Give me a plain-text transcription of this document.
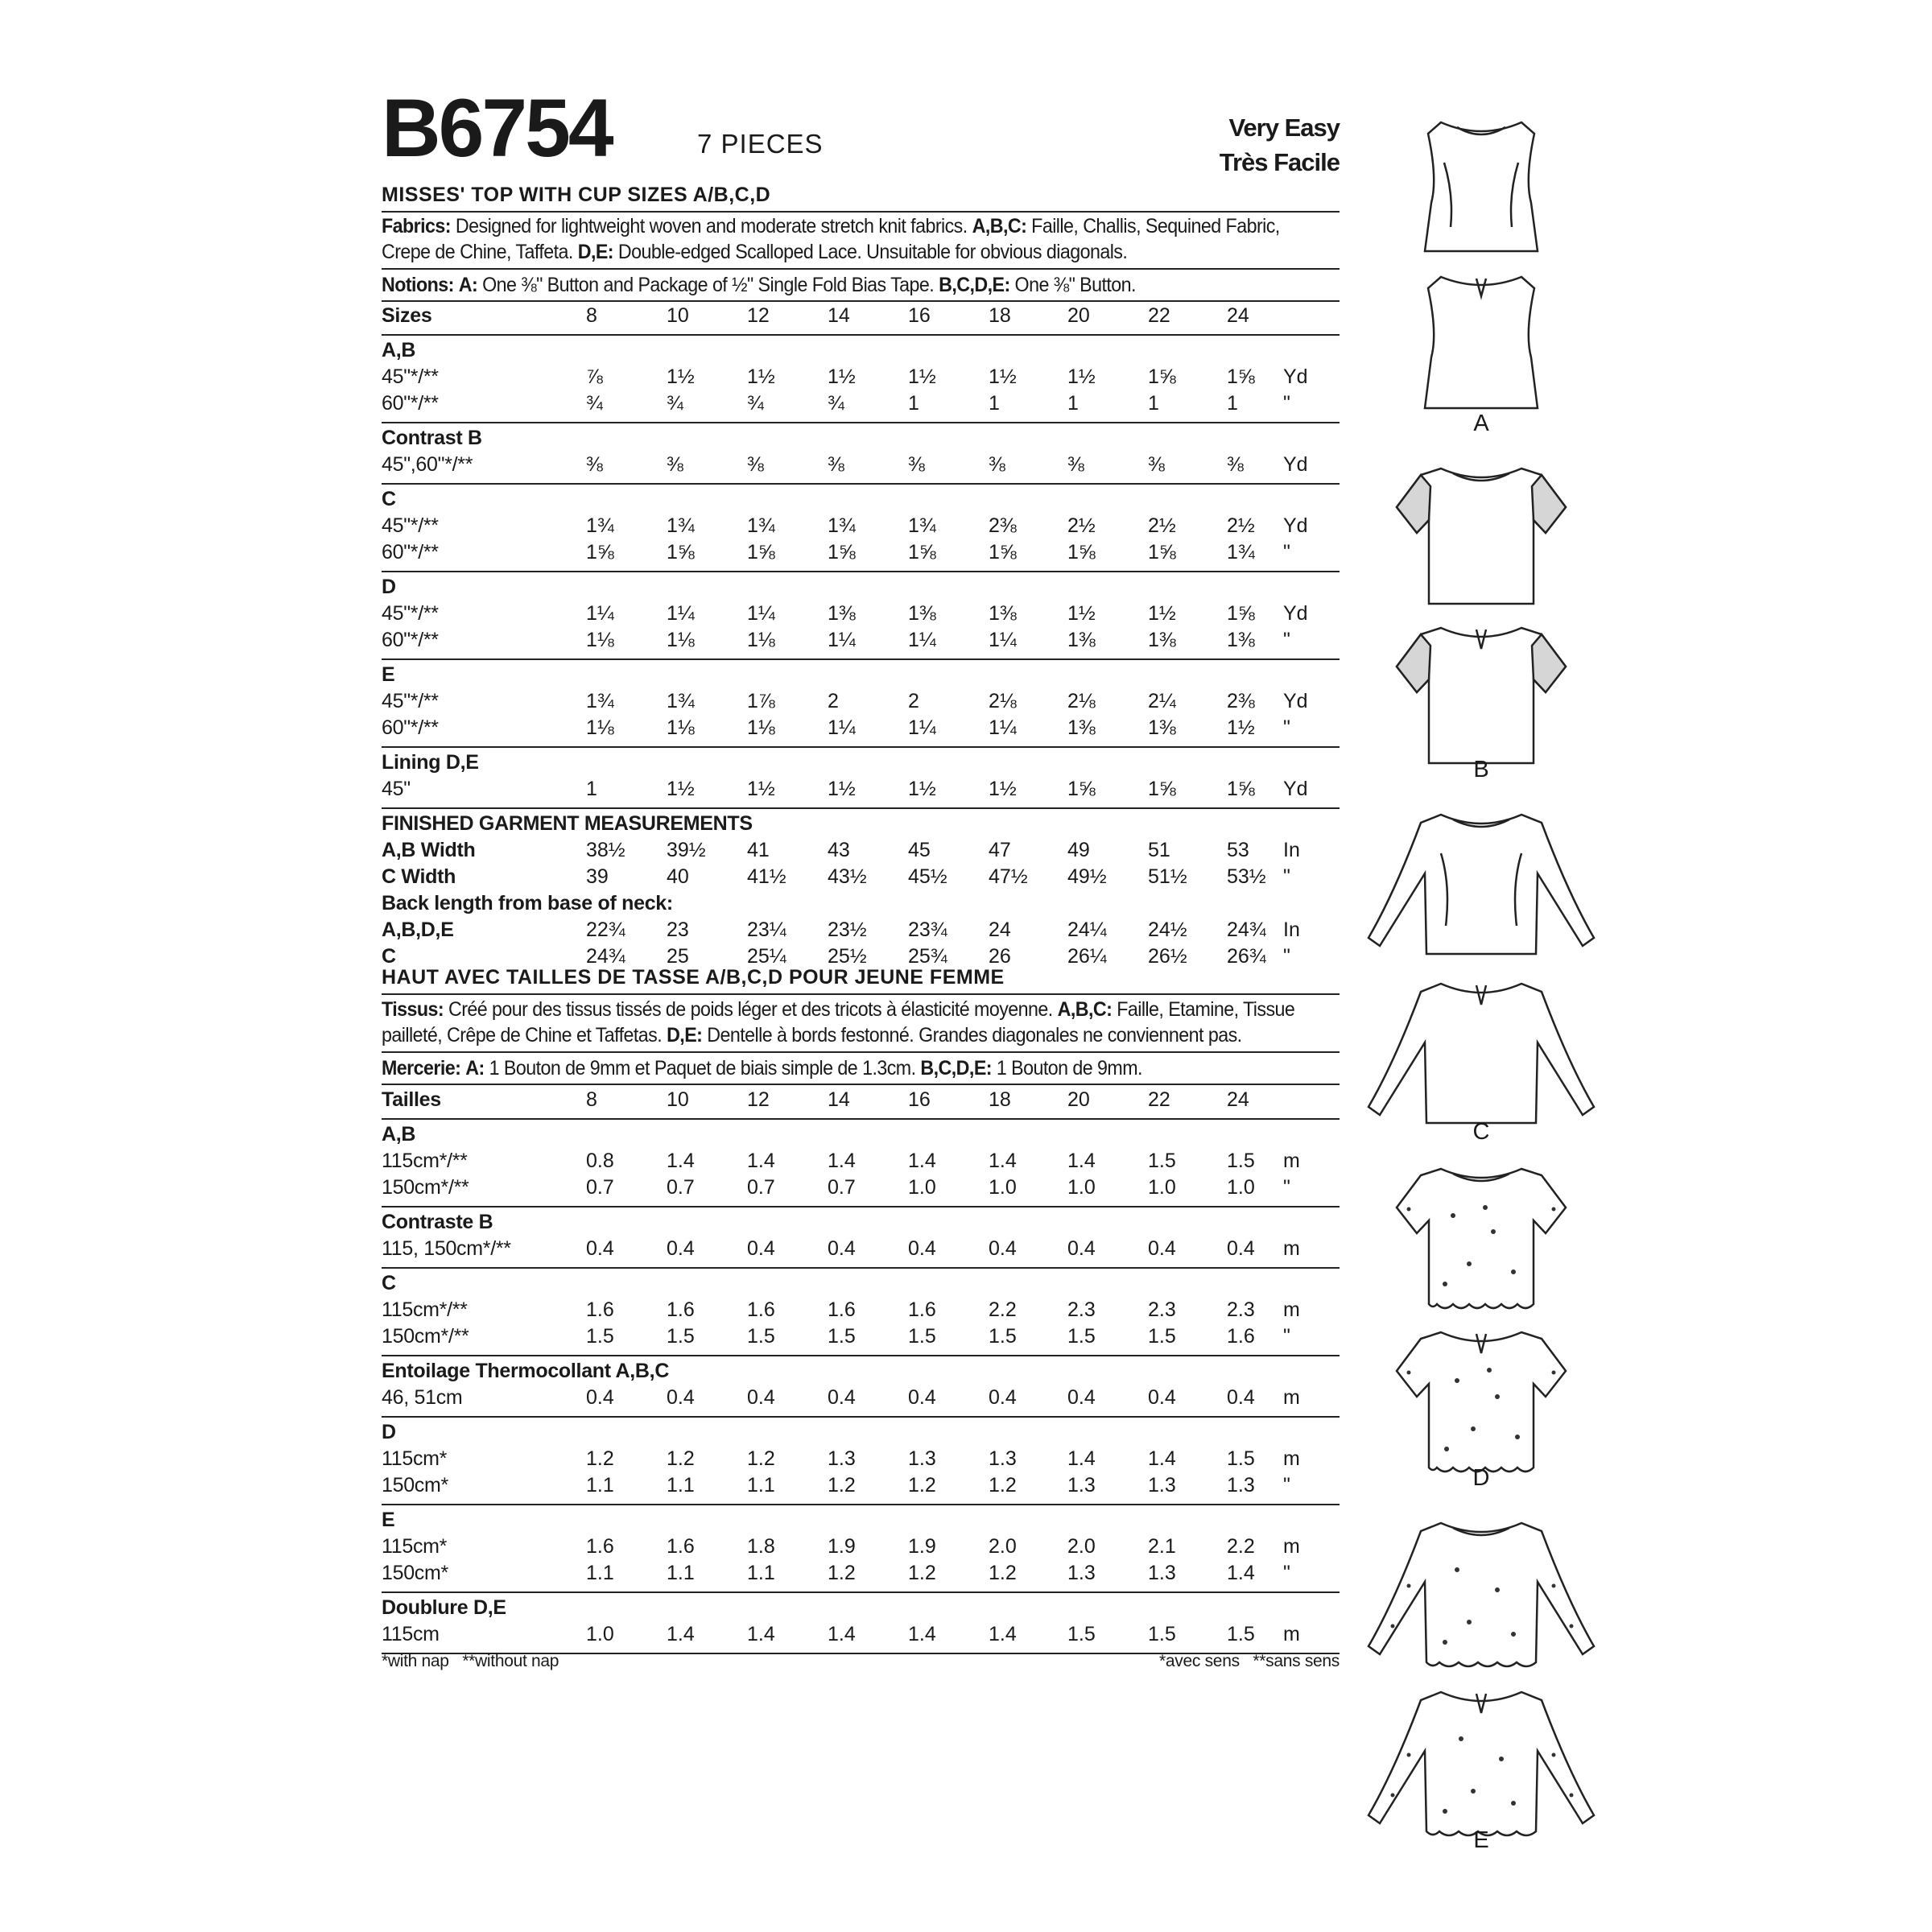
B6754	7 PIECES
Very Easy
Très Facile
MISSES' TOP WITH CUP SIZES A/B,C,D
Fabrics: Designed for lightweight woven and moderate stretch knit fabrics. A,B,C: Faille, Challis, Sequined Fabric,
Crepe de Chine, Taffeta. D,E: Double-edged Scalloped Lace. Unsuitable for obvious diagonals.
Notions: A: One ⅜" Button and Package of ½" Single Fold Bias Tape. B,C,D,E: One ⅜" Button.
Sizes	8	10	12	14	16	18	20	22	24
A,B
45"*/**	⅞	1½	1½	1½	1½	1½	1½	1⅝	1⅝	Yd
60"*/**	¾	¾	¾	¾	1	1	1	1	1	"
Contrast B
45",60"*/**	⅜	⅜	⅜	⅜	⅜	⅜	⅜	⅜	⅜	Yd
C
45"*/**	1¾	1¾	1¾	1¾	1¾	2⅜	2½	2½	2½	Yd
60"*/**	1⅝	1⅝	1⅝	1⅝	1⅝	1⅝	1⅝	1⅝	1¾	"
D
45"*/**	1¼	1¼	1¼	1⅜	1⅜	1⅜	1½	1½	1⅝	Yd
60"*/**	1⅛	1⅛	1⅛	1¼	1¼	1¼	1⅜	1⅜	1⅜	"
E
45"*/**	1¾	1¾	1⅞	2	2	2⅛	2⅛	2¼	2⅜	Yd
60"*/**	1⅛	1⅛	1⅛	1¼	1¼	1¼	1⅜	1⅜	1½	"
Lining D,E
45"	1	1½	1½	1½	1½	1½	1⅝	1⅝	1⅝	Yd
FINISHED GARMENT MEASUREMENTS
A,B Width	38½	39½	41	43	45	47	49	51	53	In
C Width	39	40	41½	43½	45½	47½	49½	51½	53½ "
Back length from base of neck:
A,B,D,E	22¾	23	23¼	23½	23¾	24	24¼	24½	24¾ In
C	24¾	25	25¼	25½	25¾	26	26¼	26½	26¾ "
HAUT AVEC TAILLES DE TASSE A/B,C,D POUR JEUNE FEMME
Tissus: Créé pour des tissus tissés de poids léger et des tricots à élasticité moyenne. A,B,C: Faille, Etamine, Tissue
pailleté, Crêpe de Chine et Taffetas. D,E: Dentelle à bords festonné. Grandes diagonales ne conviennent pas.
Mercerie: A: 1 Bouton de 9mm et Paquet de biais simple de 1.3cm. B,C,D,E: 1 Bouton de 9mm.
Tailles	8	10	12	14	16	18	20	22	24
A,B
115cm*/**	0.8	1.4	1.4	1.4	1.4	1.4	1.4	1.5	1.5	m
150cm*/**	0.7	0.7	0.7	0.7	1.0	1.0	1.0	1.0	1.0	"
Contraste B
115, 150cm*/**	0.4	0.4	0.4	0.4	0.4	0.4	0.4	0.4	0.4	m
C
115cm*/**	1.6	1.6	1.6	1.6	1.6	2.2	2.3	2.3	2.3	m
150cm*/**	1.5	1.5	1.5	1.5	1.5	1.5	1.5	1.5	1.6	"
Entoilage Thermocollant A,B,C
46, 51cm	0.4	0.4	0.4	0.4	0.4	0.4	0.4	0.4	0.4	m
D
115cm*	1.2	1.2	1.2	1.3	1.3	1.3	1.4	1.4	1.5	m
150cm*	1.1	1.1	1.1	1.2	1.2	1.2	1.3	1.3	1.3	"
E
115cm*	1.6	1.6	1.8	1.9	1.9	2.0	2.0	2.1	2.2	m
150cm*	1.1	1.1	1.1	1.2	1.2	1.2	1.3	1.3	1.4	"
Doublure D,E
115cm	1.0	1.4	1.4	1.4	1.4	1.4	1.5	1.5	1.5	m
*with nap **without nap	*avec sens **sans sens
A
B
C
D
E
